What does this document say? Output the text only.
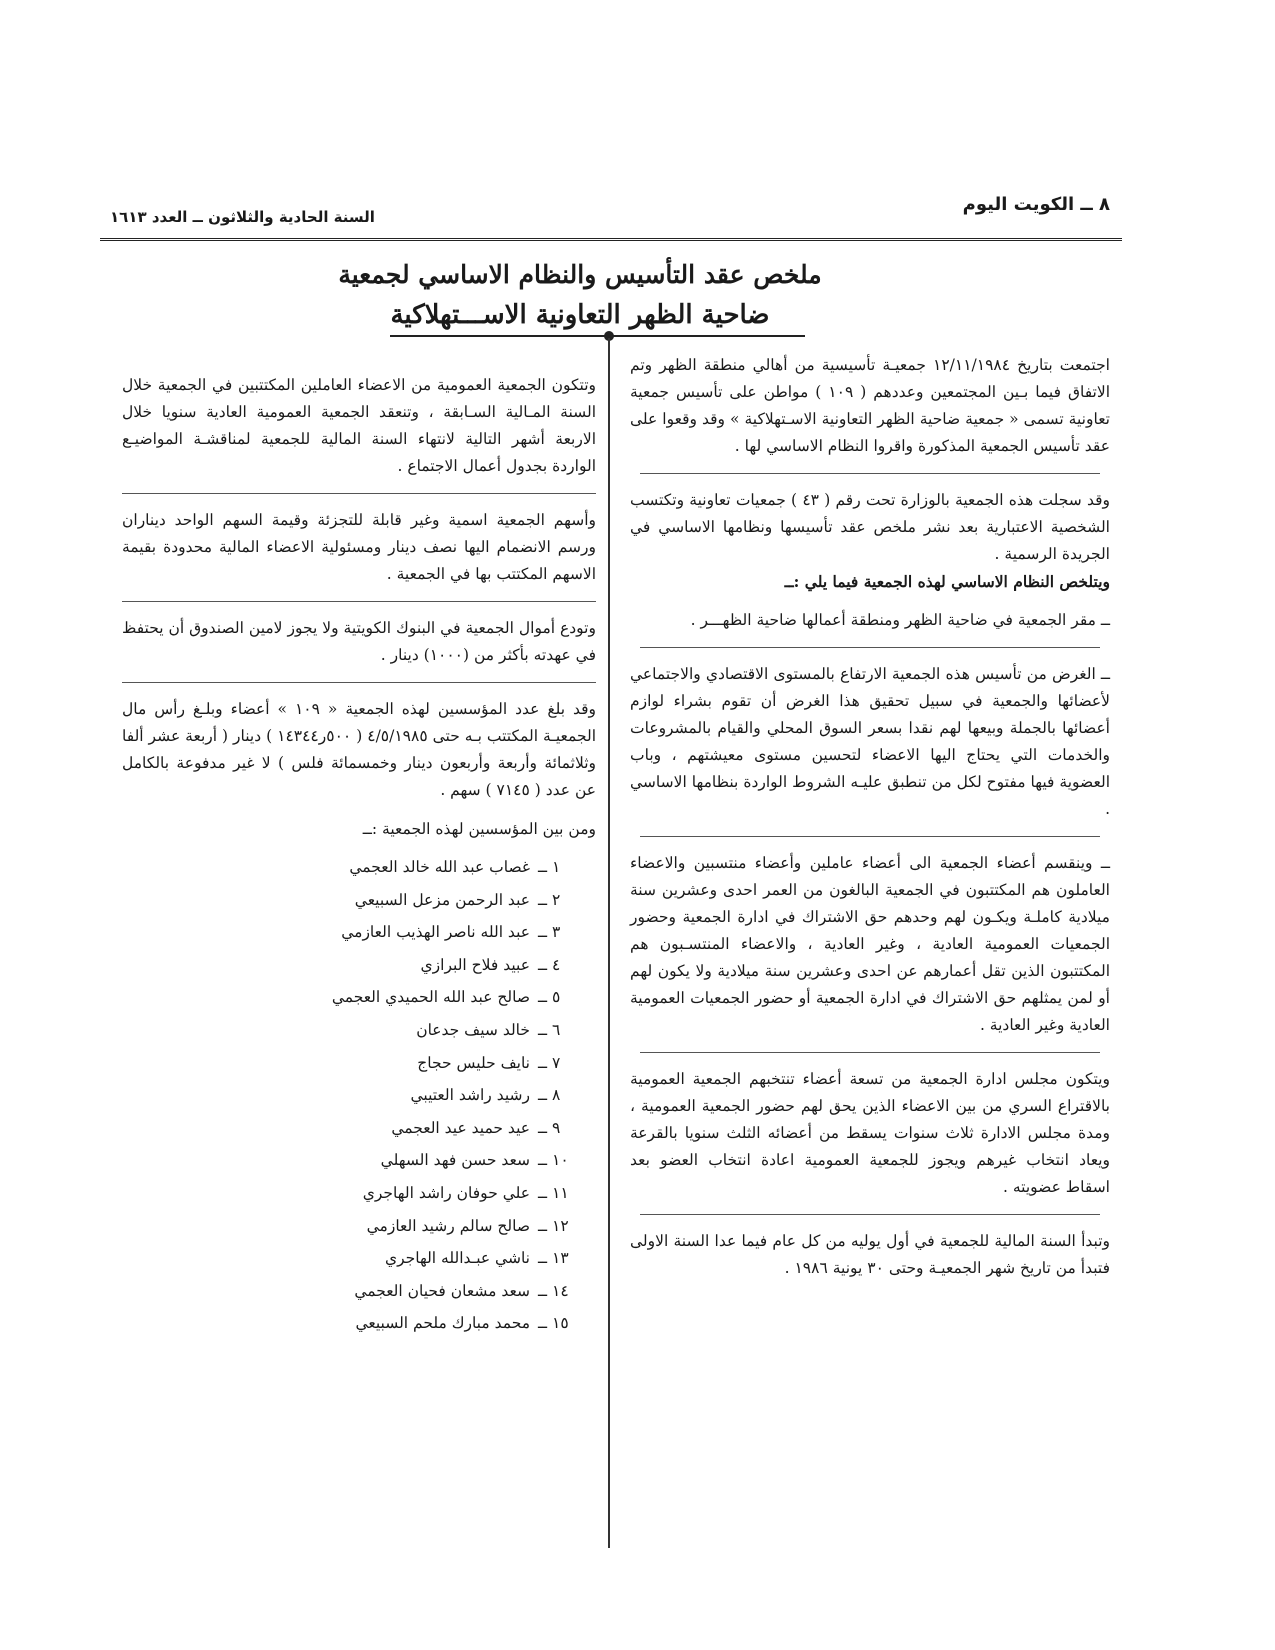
٨ ــ الكويت اليوم
السنة الحادية والثلاثون ــ العدد ١٦١٣
ملخص عقد التأسيس والنظام الاساسي لجمعية
ضاحية الظهر التعاونية الاســـتهلاكية

اجتمعت بتاريخ ١٢/١١/١٩٨٤ جمعيـة تأسيسية من أهالي منطقة الظهر وتم الاتفاق فيما بـين المجتمعين وعددهم ( ١٠٩ ) مواطن على تأسيس جمعية تعاونية تسمى « جمعية ضاحية الظهر التعاونية الاسـتهلاكية » وقد وقعوا على عقد تأسيس الجمعية المذكورة واقروا النظام الاساسي لها .

وقد سجلت هذه الجمعية بالوزارة تحت رقم ( ٤٣ ) جمعيات تعاونية وتكتسب الشخصية الاعتبارية بعد نشر ملخص عقد تأسيسها ونظامها الاساسي في الجريدة الرسمية .

ويتلخص النظام الاساسي لهذه الجمعية فيما يلي :ــ

ــ مقر الجمعية في ضاحية الظهر ومنطقة أعمالها ضاحية الظهـــر .

ــ الغرض من تأسيس هذه الجمعية الارتفاع بالمستوى الاقتصادي والاجتماعي لأعضائها والجمعية في سبيل تحقيق هذا الغرض أن تقوم بشراء لوازم أعضائها بالجملة وبيعها لهم نقدا بسعر السوق المحلي والقيام بالمشروعات والخدمات التي يحتاج اليها الاعضاء لتحسين مستوى معيشتهم ، وباب العضوية فيها مفتوح لكل من تنطبق عليـه الشروط الواردة بنظامها الاساسي .

ــ وينقسم أعضاء الجمعية الى أعضاء عاملين وأعضاء منتسبين والاعضاء العاملون هم المكتتبون في الجمعية البالغون من العمر احدى وعشرين سنة ميلادية كاملـة ويكـون لهم وحدهم حق الاشتراك في ادارة الجمعية وحضور الجمعيات العمومية العادية ، وغير العادية ، والاعضاء المنتسـبون هم المكتتبون الذين تقل أعمارهم عن احدى وعشرين سنة ميلادية ولا يكون لهم أو لمن يمثلهم حق الاشتراك في ادارة الجمعية أو حضور الجمعيات العمومية العادية وغير العادية .

ويتكون مجلس ادارة الجمعية من تسعة أعضاء تنتخبهم الجمعية العمومية بالاقتراع السري من بين الاعضاء الذين يحق لهم حضور الجمعية العمومية ، ومدة مجلس الادارة ثلاث سنوات يسقط من أعضائه الثلث سنويا بالقرعة ويعاد انتخاب غيرهم ويجوز للجمعية العمومية اعادة انتخاب العضو بعد اسقاط عضويته .

وتبدأ السنة المالية للجمعية في أول يوليه من كل عام فيما عدا السنة الاولى فتبدأ من تاريخ شهر الجمعيـة وحتى ٣٠ يونية ١٩٨٦ .

وتتكون الجمعية العمومية من الاعضاء العاملين المكتتبين في الجمعية خلال السنة المـالية السـابقة ، وتنعقد الجمعية العمومية العادية سنويا خلال الاربعة أشهر التالية لانتهاء السنة المالية للجمعية لمناقشـة المواضيـع الواردة بجدول أعمال الاجتماع .

وأسهم الجمعية اسمية وغير قابلة للتجزئة وقيمة السهم الواحد ديناران ورسم الانضمام اليها نصف دينار ومسئولية الاعضاء المالية محدودة بقيمة الاسهم المكتتب بها في الجمعية .

وتودع أموال الجمعية في البنوك الكويتية ولا يجوز لامين الصندوق أن يحتفظ في عهدته بأكثر من (١٠٠٠) دينار .

وقد بلغ عدد المؤسسين لهذه الجمعية « ١٠٩ » أعضاء وبلـغ رأس مال الجمعيـة المكتتب بـه حتى ٤/٥/١٩٨٥ ( ٥٠٠ر١٤٣٤٤ ) دينار ( أربعة عشر ألفا وثلاثمائة وأربعة وأربعون دينار وخمسمائة فلس ) لا غير مدفوعة بالكامل عن عدد ( ٧١٤٥ ) سهم .

ومن بين المؤسسين لهذه الجمعية :ــ

١ ــ
غصاب عبد الله خالد العجمي
٢ ــ
عبد الرحمن مزعل السبيعي
٣ ــ
عبد الله ناصر الهذيب العازمي
٤ ــ
عبيد فلاح البرازي
٥ ــ
صالح عبد الله الحميدي العجمي
٦ ــ
خالد سيف جدعان
٧ ــ
نايف حليس حجاج
٨ ــ
رشيد راشد العتيبي
٩ ــ
عيد حميد عيد العجمي
١٠ ــ
سعد حسن فهد السهلي
١١ ــ
علي حوفان راشد الهاجري
١٢ ــ
صالح سالم رشيد العازمي
١٣ ــ
ناشي عبـدالله الهاجري
١٤ ــ
سعد مشعان فحيان العجمي
١٥ ــ
محمد مبارك ملحم السبيعي
